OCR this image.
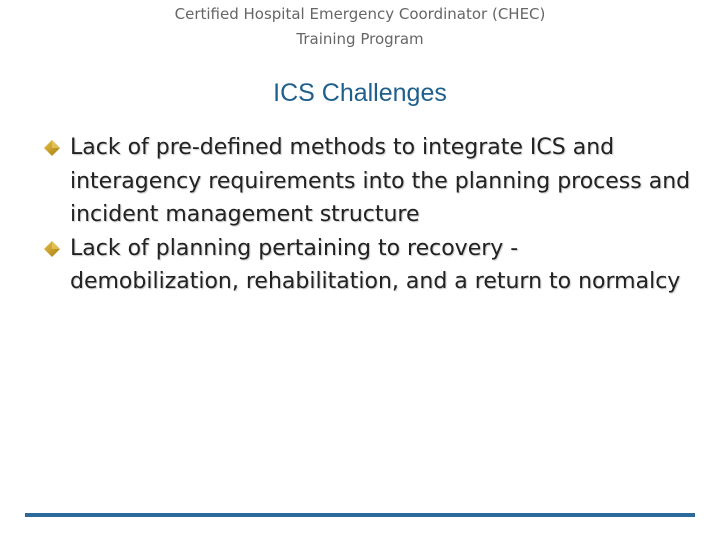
Certified Hospital Emergency Coordinator (CHEC)
Training Program
ICS Challenges
Lack of pre-defined methods to integrate ICS and interagency requirements into the planning process and incident management structure
Lack of planning pertaining to recovery - demobilization, rehabilitation, and a return to normalcy
